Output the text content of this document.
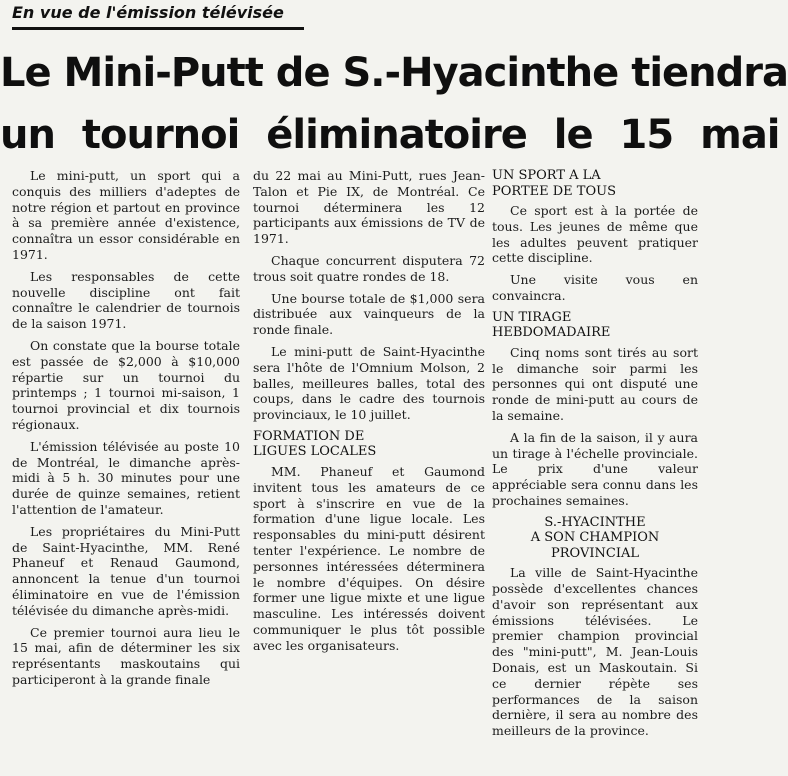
En vue de l'émission télévisée
Le Mini-Putt de S.-Hyacinthe tiendra
un tournoi éliminatoire le 15 mai

Le mini-putt, un sport qui a conquis des milliers d'adeptes de notre région et partout en province à sa première année d'existence, connaîtra un essor considérable en 1971.

Les responsables de cette nouvelle discipline ont fait connaître le calendrier de tournois de la saison 1971.

On constate que la bourse totale est passée de $2,000 à $10,000 répartie sur un tournoi du printemps ; 1 tournoi mi-saison, 1 tournoi provincial et dix tournois régionaux.

L'émission télévisée au poste 10 de Montréal, le dimanche après-midi à 5 h. 30 minutes pour une durée de quinze semaines, retient l'attention de l'amateur.

Les propriétaires du Mini-Putt de Saint-Hyacinthe, MM. René Phaneuf et Renaud Gaumond, annoncent la tenue d'un tournoi éliminatoire en vue de l'émission télévisée du dimanche après-midi.

Ce premier tournoi aura lieu le 15 mai, afin de déterminer les six représentants maskoutains qui participeront à la grande finale

du 22 mai au Mini-Putt, rues Jean-Talon et Pie IX, de Montréal. Ce tournoi déterminera les 12 participants aux émissions de TV de 1971.

Chaque concurrent disputera 72 trous soit quatre rondes de 18.

Une bourse totale de $1,000 sera distribuée aux vainqueurs de la ronde finale.

Le mini-putt de Saint-Hyacinthe sera l'hôte de l'Omnium Molson, 2 balles, meilleures balles, total des coups, dans le cadre des tournois provinciaux, le 10 juillet.

FORMATION DE
LIGUES LOCALES

MM. Phaneuf et Gaumond invitent tous les amateurs de ce sport à s'inscrire en vue de la formation d'une ligue locale. Les responsables du mini-putt désirent tenter l'expérience. Le nombre de personnes intéressées déterminera le nombre d'équipes. On désire former une ligue mixte et une ligue masculine. Les intéressés doivent communiquer le plus tôt possible avec les organisateurs.

UN SPORT A LA
PORTEE DE TOUS

Ce sport est à la portée de tous. Les jeunes de même que les adultes peuvent pratiquer cette discipline.

Une visite vous en convaincra.

UN TIRAGE
HEBDOMADAIRE

Cinq noms sont tirés au sort le dimanche soir parmi les personnes qui ont disputé une ronde de mini-putt au cours de la semaine.

A la fin de la saison, il y aura un tirage à l'échelle provinciale. Le prix d'une valeur appréciable sera connu dans les prochaines semaines.

S.-HYACINTHE
A SON CHAMPION
PROVINCIAL

La ville de Saint-Hyacinthe possède d'excellentes chances d'avoir son représentant aux émissions télévisées. Le premier champion provincial des "mini-putt", M. Jean-Louis Donais, est un Maskoutain. Si ce dernier répète ses performances de la saison dernière, il sera au nombre des meilleurs de la province.
